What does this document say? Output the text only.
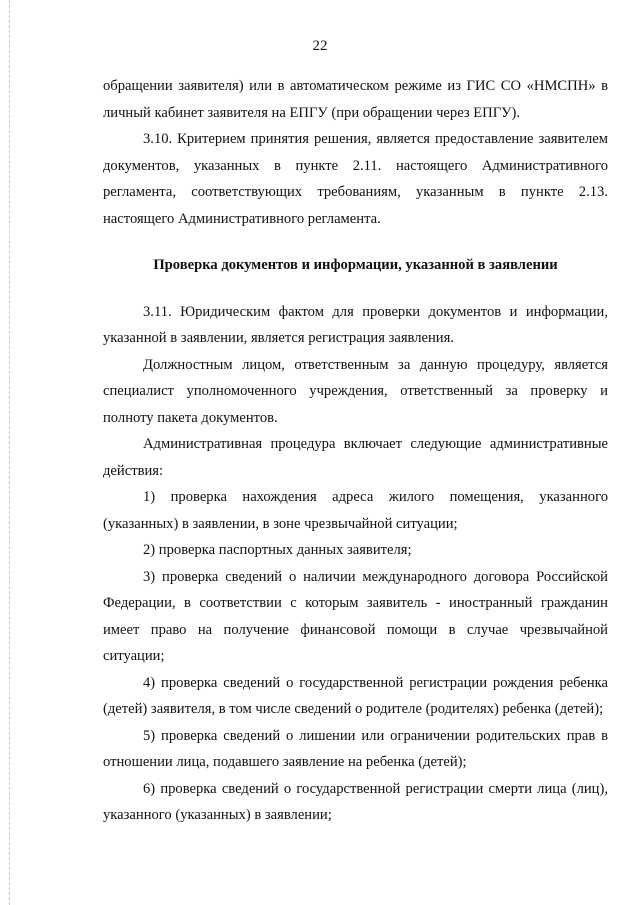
22

обращении заявителя) или в автоматическом режиме из ГИС СО «НМСПН» в личный кабинет заявителя на ЕПГУ (при обращении через ЕПГУ).

3.10. Критерием принятия решения, является предоставление заявителем документов, указанных в пункте 2.11. настоящего Административного регламента, соответствующих требованиям, указанным в пункте 2.13. настоящего Административного регламента.

Проверка документов и информации, указанной в заявлении

3.11. Юридическим фактом для проверки документов и информации, указанной в заявлении, является регистрация заявления.

Должностным лицом, ответственным за данную процедуру, является специалист уполномоченного учреждения, ответственный за проверку и полноту пакета документов.

Административная процедура включает следующие административные действия:

1) проверка нахождения адреса жилого помещения, указанного (указанных) в заявлении, в зоне чрезвычайной ситуации;

2) проверка паспортных данных заявителя;

3) проверка сведений о наличии международного договора Российской Федерации, в соответствии с которым заявитель - иностранный гражданин имеет право на получение финансовой помощи в случае чрезвычайной ситуации;

4) проверка сведений о государственной регистрации рождения ребенка (детей) заявителя, в том числе сведений о родителе (родителях) ребенка (детей);

5) проверка сведений о лишении или ограничении родительских прав в отношении лица, подавшего заявление на ребенка (детей);

6) проверка сведений о государственной регистрации смерти лица (лиц), указанного (указанных) в заявлении;
